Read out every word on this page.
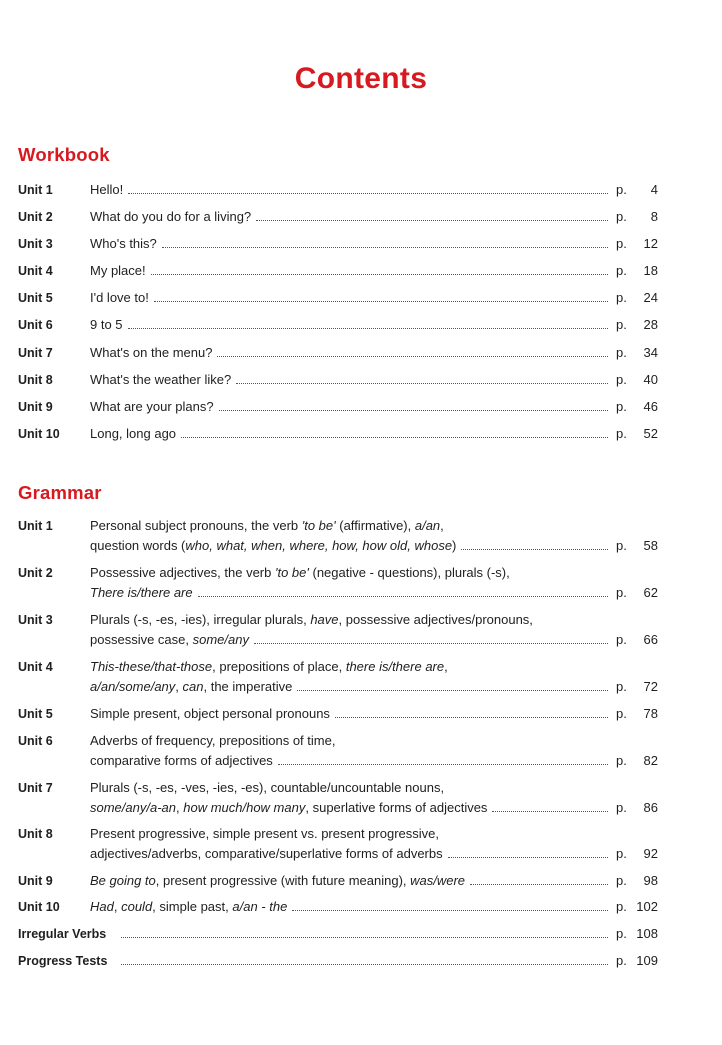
Contents
Workbook
Unit 1	Hello!	p. 4
Unit 2	What do you do for a living?	p. 8
Unit 3	Who's this?	p. 12
Unit 4	My place!	p. 18
Unit 5	I'd love to!	p. 24
Unit 6	9 to 5	p. 28
Unit 7	What's on the menu?	p. 34
Unit 8	What's the weather like?	p. 40
Unit 9	What are your plans?	p. 46
Unit 10 Long, long ago	p. 52
Grammar
Unit 1	Personal subject pronouns, the verb 'to be' (affirmative), a/an,
question words (who, what, when, where, how, how old, whose)	p. 58
Unit 2	Possessive adjectives, the verb 'to be' (negative - questions), plurals (-s),
There is/there are	p. 62
Unit 3	Plurals (-s, -es, -ies), irregular plurals, have, possessive adjectives/pronouns,
possessive case, some/any	p. 66
Unit 4	This-these/that-those, prepositions of place, there is/there are,
a/an/some/any, can, the imperative	p. 72
Unit 5	Simple present, object personal pronouns	p. 78
Unit 6	Adverbs of frequency, prepositions of time,
comparative forms of adjectives	p. 82
Unit 7	Plurals (-s, -es, -ves, -ies, -es), countable/uncountable nouns,
some/any/a-an, how much/how many, superlative forms of adjectives	p. 86
Unit 8	Present progressive, simple present vs. present progressive,
adjectives/adverbs, comparative/superlative forms of adverbs	p. 92
Unit 9	Be going to, present progressive (with future meaning), was/were	p. 98
Unit 10 Had, could, simple past, a/an - the	p. 102
Irregular Verbs	p. 108
Progress Tests	p. 109
